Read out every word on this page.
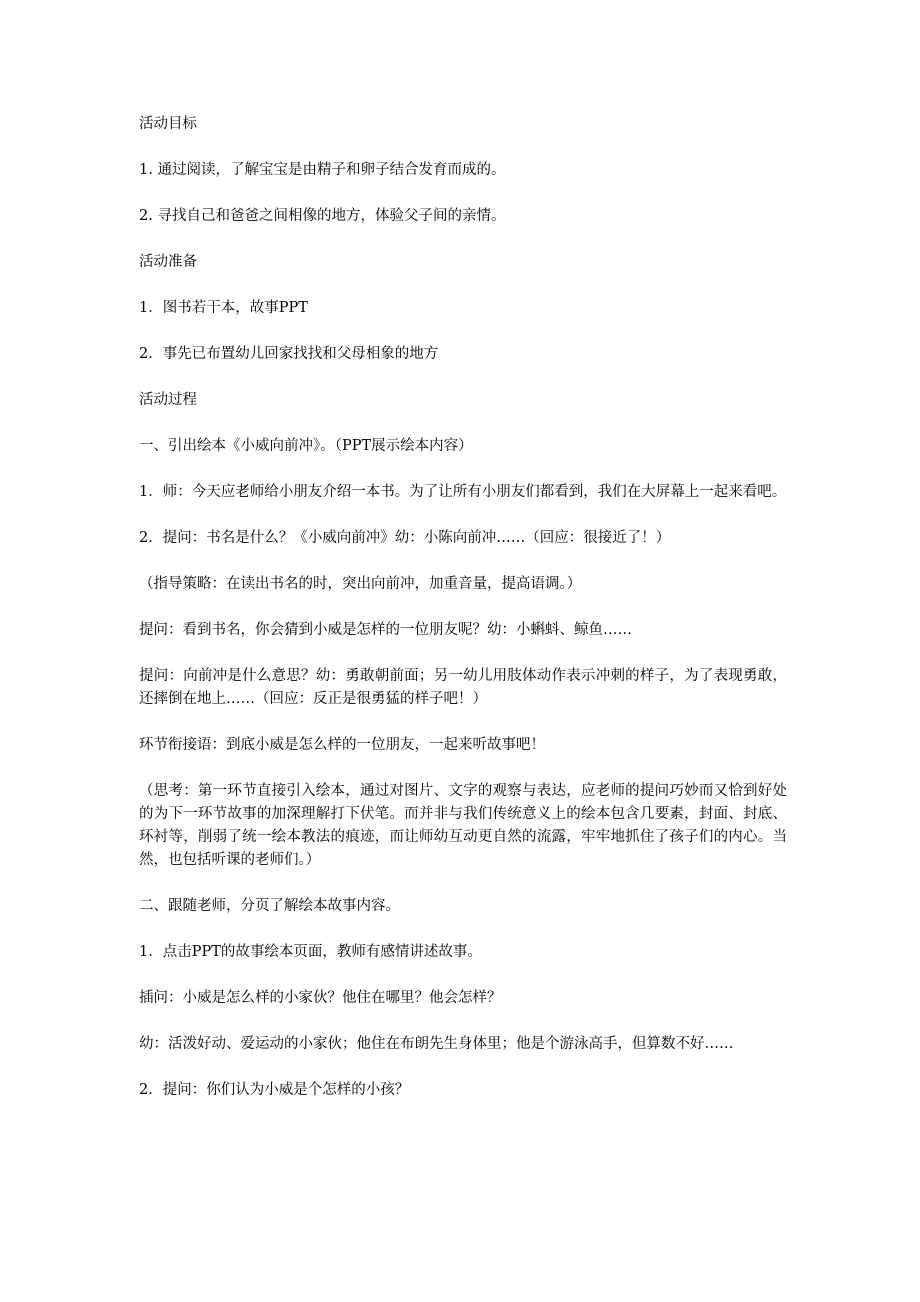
活动目标

1. 通过阅读，了解宝宝是由精子和卵子结合发育而成的。

2. 寻找自己和爸爸之间相像的地方，体验父子间的亲情。

活动准备

1．图书若干本，故事PPT

2．事先已布置幼儿回家找找和父母相象的地方

活动过程

一、引出绘本《小威向前冲》。（PPT展示绘本内容）

1．师：今天应老师给小朋友介绍一本书。为了让所有小朋友们都看到，我们在大屏幕上一起来看吧。

2．提问：书名是什么？《小威向前冲》幼：小陈向前冲……（回应：很接近了！）

（指导策略：在读出书名的时，突出向前冲，加重音量，提高语调。）

提问：看到书名，你会猜到小威是怎样的一位朋友呢？幼：小蝌蚪、鲸鱼……

提问：向前冲是什么意思？幼：勇敢朝前面；另一幼儿用肢体动作表示冲刺的样子，为了表现勇敢，还摔倒在地上……（回应：反正是很勇猛的样子吧！）

环节衔接语：到底小威是怎么样的一位朋友，一起来听故事吧！

（思考：第一环节直接引入绘本，通过对图片、文字的观察与表达，应老师的提问巧妙而又恰到好处的为下一环节故事的加深理解打下伏笔。而并非与我们传统意义上的绘本包含几要素，封面、封底、环衬等，削弱了统一绘本教法的痕迹，而让师幼互动更自然的流露，牢牢地抓住了孩子们的内心。当然，也包括听课的老师们。）

二、跟随老师，分页了解绘本故事内容。

1．点击PPT的故事绘本页面，教师有感情讲述故事。

插问：小威是怎么样的小家伙？他住在哪里？他会怎样？

幼：活泼好动、爱运动的小家伙；他住在布朗先生身体里；他是个游泳高手，但算数不好……

2．提问：你们认为小威是个怎样的小孩？
